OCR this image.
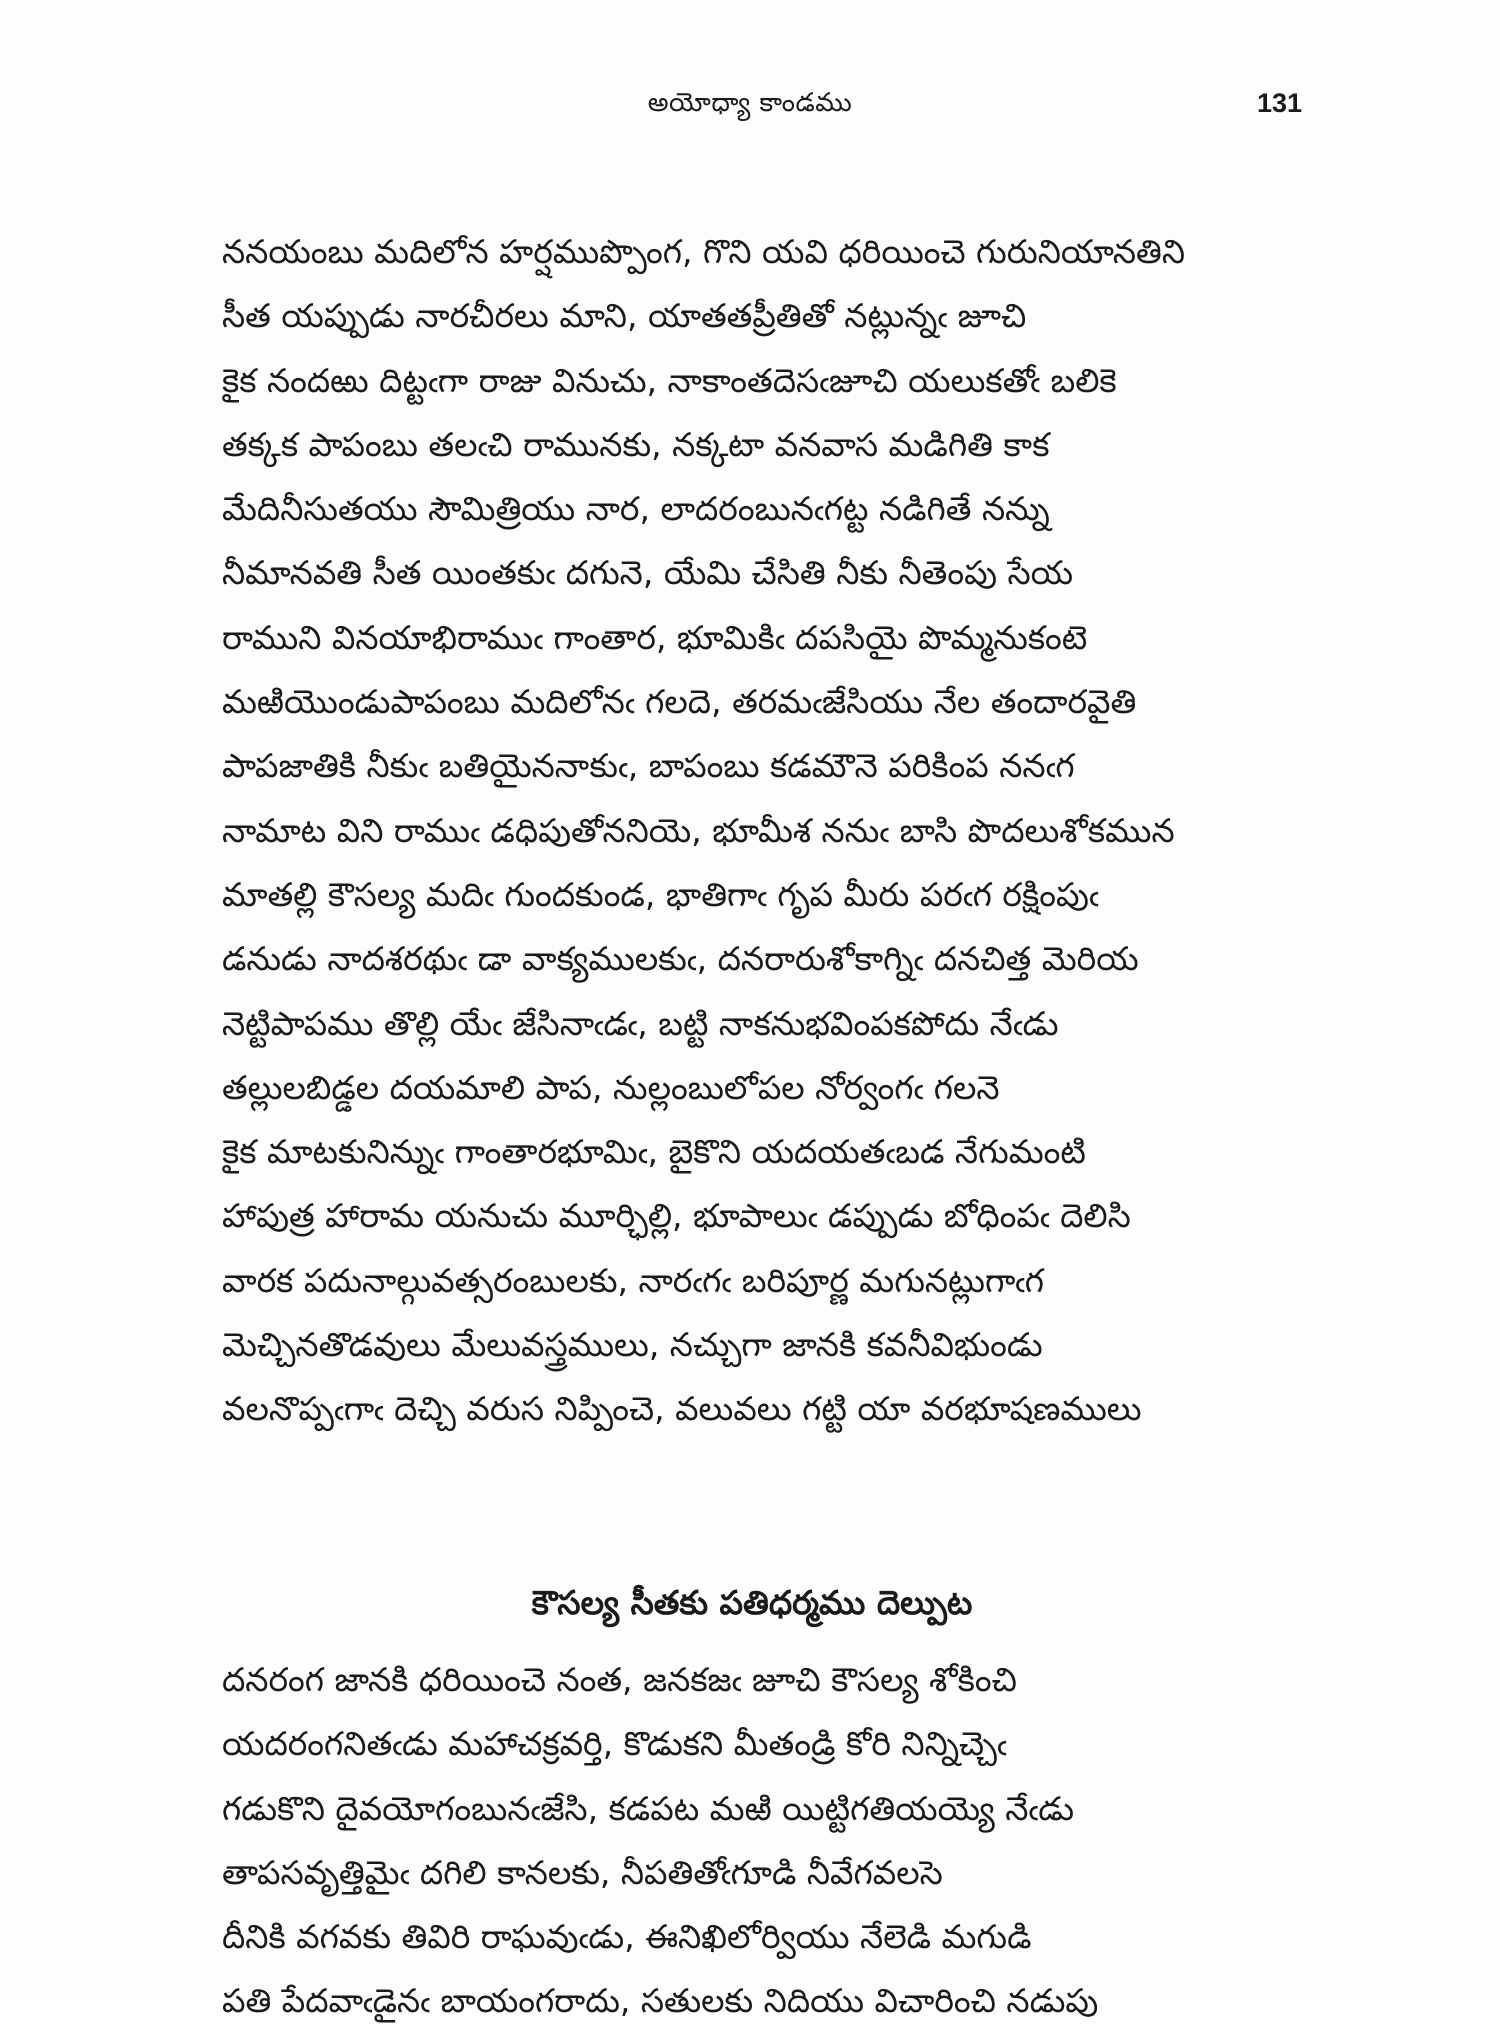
అయోధ్యా కాండము	131
ననయంబు మదిలోన హర్షముప్పొంగ, గొని యవి ధరియించె గురునియానతిని
సీత యప్పుడు నారచీరలు మాని, యాతతప్రీతితో నట్లున్నఁ జూచి
కైక నందఱు దిట్టఁగా రాజు వినుచు, నాకాంతదెసఁజూచి యలుకతోఁ బలికె
తక్కక పాపంబు తలఁచి రామునకు, నక్కటా వనవాస మడిగితి కాక
మేదినీసుతయు సౌమిత్రియు నార, లాదరంబునఁగట్ట నడిగితే నన్ను
నీమానవతి సీత యింతకుఁ దగునె, యేమి చేసితి నీకు నీతెంపు సేయ
రాముని వినయాభిరాముఁ గాంతార, భూమికిఁ దపసియై పొమ్మనుకంటె
మఱియొండుపాపంబు మదిలోనఁ గలదె, తరమఁజేసియు నేల తందారవైతి
పాపజాతికి నీకుఁ బతియైననాకుఁ, బాపంబు కడమౌనె పరికింప ననఁగ
నామాట విని రాముఁ డధిపుతోననియె, భూమీశ ననుఁ బాసి పొదలుశోకమున
మాతల్లి కౌసల్య మదిఁ గుందకుండ, భాతిగాఁ గృప మీరు పరఁగ రక్షింపుఁ
డనుడు నాదశరథుఁ డా వాక్యములకుఁ, దనరారుశోకాగ్నిఁ దనచిత్త మెరియ
నెట్టిపాపము తొల్లి యేఁ జేసినాఁడఁ, బట్టి నాకనుభవింపకపోదు నేఁడు
తల్లులబిడ్డల దయమాలి పాప, నుల్లంబులోపల నోర్వంగఁ గలనె
కైక మాటకునిన్నుఁ గాంతారభూమిఁ, బైకొని యదయతఁబడ నేగుమంటి
హాపుత్ర హారామ యనుచు మూర్ఛిల్లి, భూపాలుఁ డప్పుడు బోధింపఁ దెలిసి
వారక పదునాల్గువత్సరంబులకు, నారఁగఁ బరిపూర్ణ మగునట్లుగాఁగ
మెచ్చినతొడవులు మేలువస్త్రములు, నచ్చుగా జానకి కవనీవిభుండు
వలనొప్పఁగాఁ దెచ్చి వరుస నిప్పించె, వలువలు గట్టి యా వరభూషణములు
కౌసల్య సీతకు పతిధర్మము దెల్పుట
దనరంగ జానకి ధరియించె నంత, జనకజఁ జూచి కౌసల్య శోకించి
యదరంగనితఁడు మహాచక్రవర్తి, కొడుకని మీతండ్రి కోరి నిన్నిచ్చెఁ
గడుకొని దైవయోగంబునఁజేసి, కడపట మఱి యిట్టిగతియయ్యె నేఁడు
తాపసవృత్తిమైఁ దగిలి కానలకు, నీపతితోఁగూడి నీవేగవలసె
దీనికి వగవకు తివిరి రాఘవుఁడు, ఈనిఖిలోర్వియు నేలెడి మగుడి
పతి పేదవాఁడైనఁ బాయంగరాదు, సతులకు నిదియు విచారించి నడుపు
